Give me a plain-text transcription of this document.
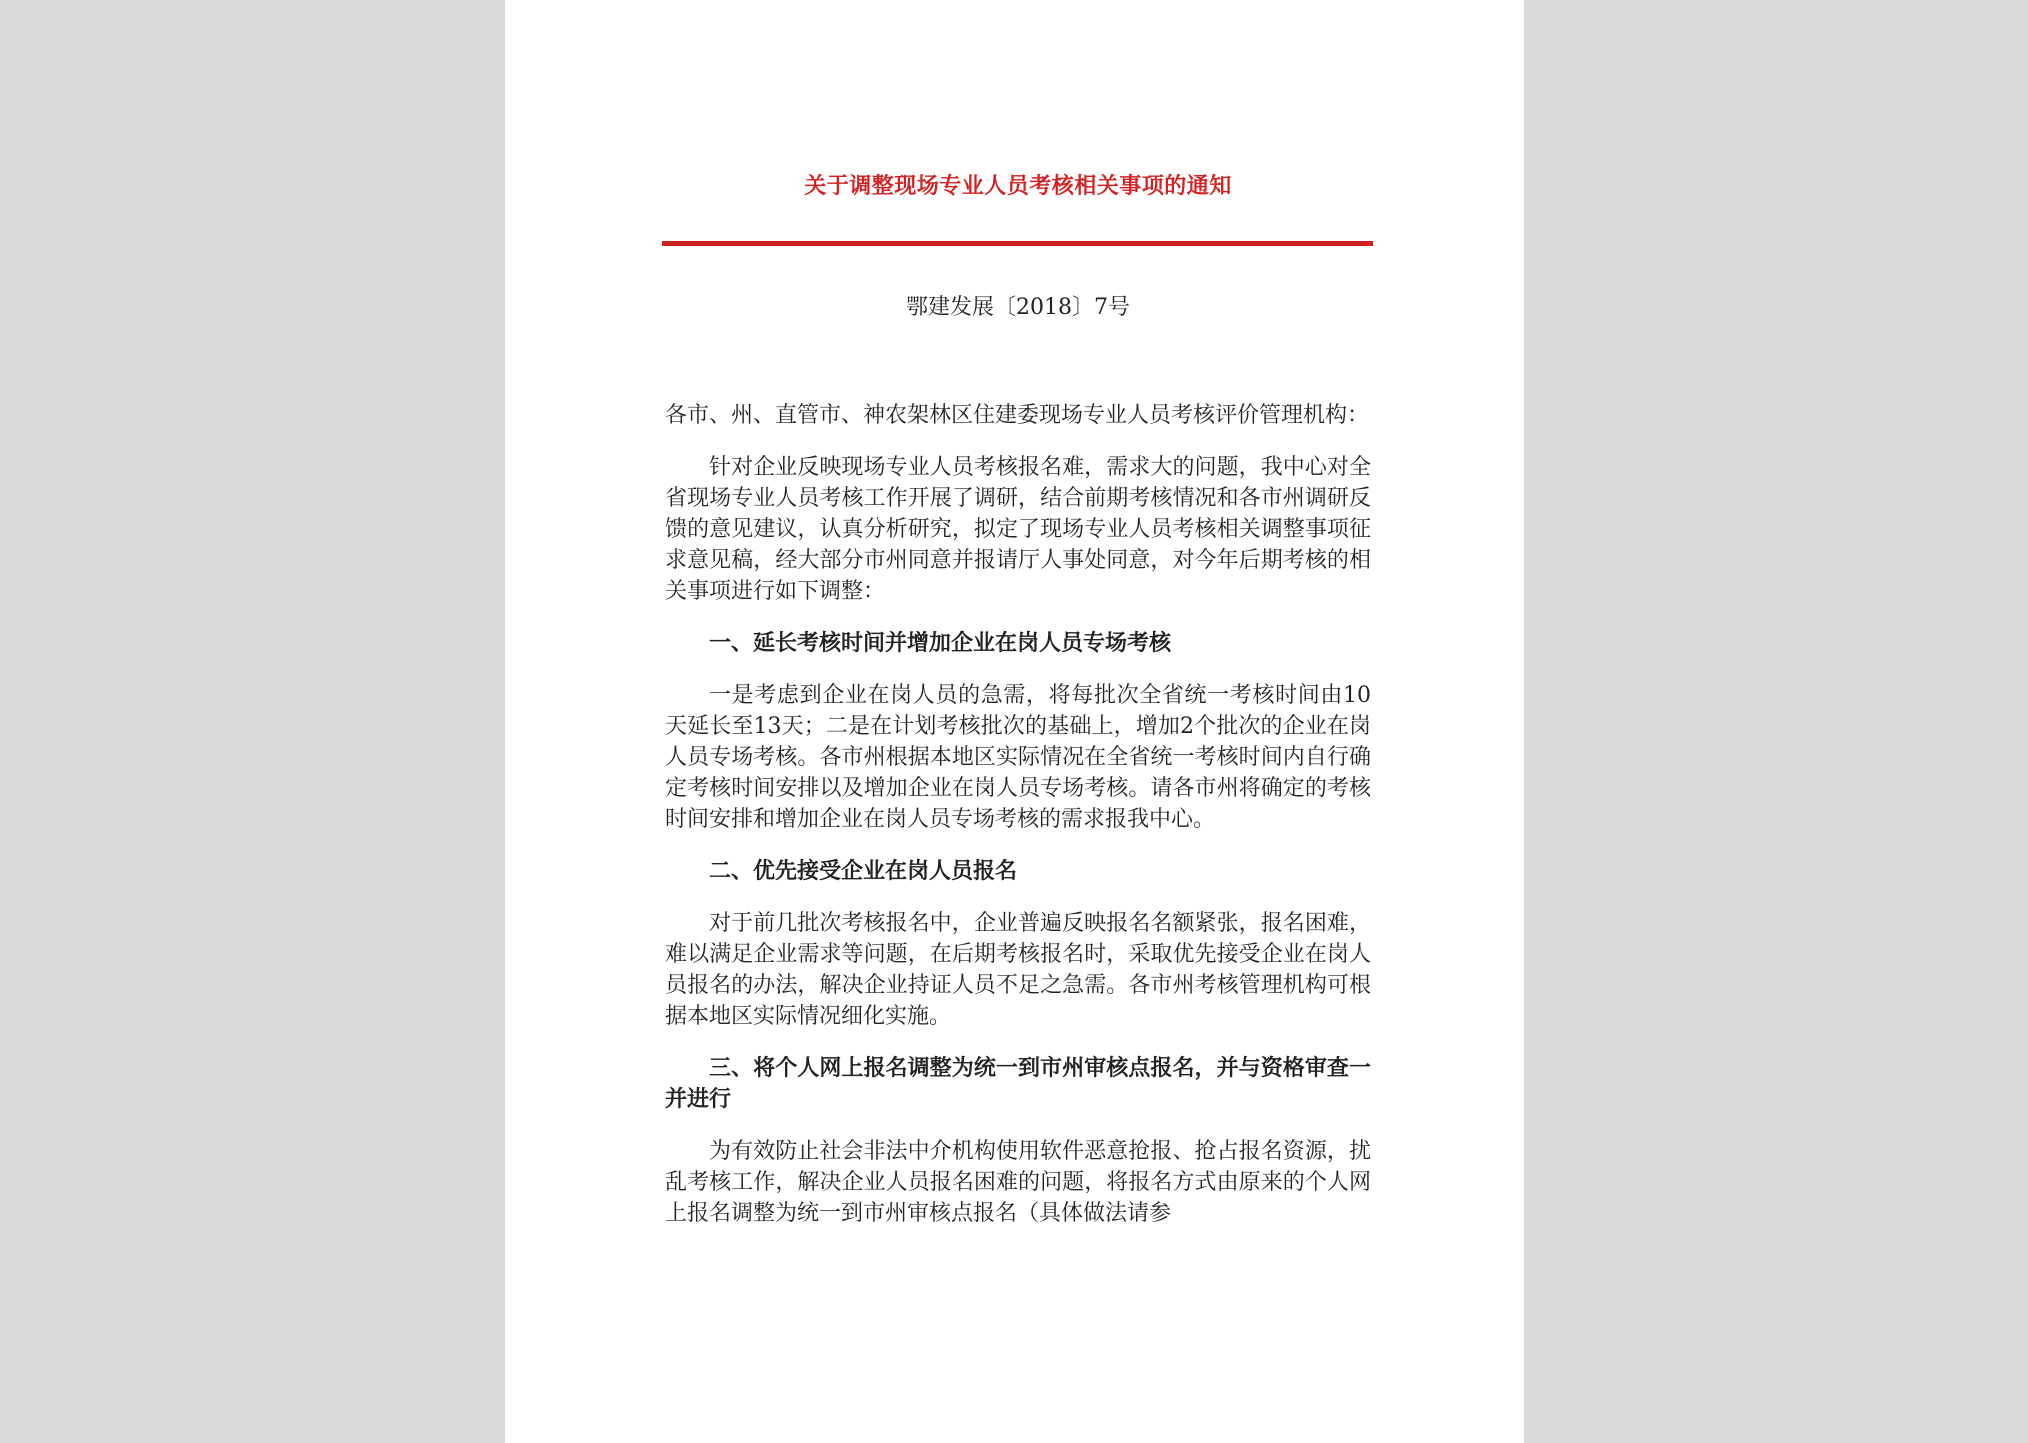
关于调整现场专业人员考核相关事项的通知
鄂建发展〔2018〕7号

各市、州、直管市、神农架林区住建委现场专业人员考核评价管理机构：

针对企业反映现场专业人员考核报名难，需求大的问题，我中心对全省现场专业人员考核工作开展了调研，结合前期考核情况和各市州调研反馈的意见建议，认真分析研究，拟定了现场专业人员考核相关调整事项征求意见稿，经大部分市州同意并报请厅人事处同意，对今年后期考核的相关事项进行如下调整：

一、延长考核时间并增加企业在岗人员专场考核

一是考虑到企业在岗人员的急需，将每批次全省统一考核时间由10天延长至13天；二是在计划考核批次的基础上，增加2个批次的企业在岗人员专场考核。各市州根据本地区实际情况在全省统一考核时间内自行确定考核时间安排以及增加企业在岗人员专场考核。请各市州将确定的考核时间安排和增加企业在岗人员专场考核的需求报我中心。

二、优先接受企业在岗人员报名

对于前几批次考核报名中，企业普遍反映报名名额紧张，报名困难，难以满足企业需求等问题，在后期考核报名时，采取优先接受企业在岗人员报名的办法，解决企业持证人员不足之急需。各市州考核管理机构可根据本地区实际情况细化实施。

三、将个人网上报名调整为统一到市州审核点报名，并与资格审查一并进行

为有效防止社会非法中介机构使用软件恶意抢报、抢占报名资源，扰乱考核工作，解决企业人员报名困难的问题，将报名方式由原来的个人网上报名调整为统一到市州审核点报名（具体做法请参
